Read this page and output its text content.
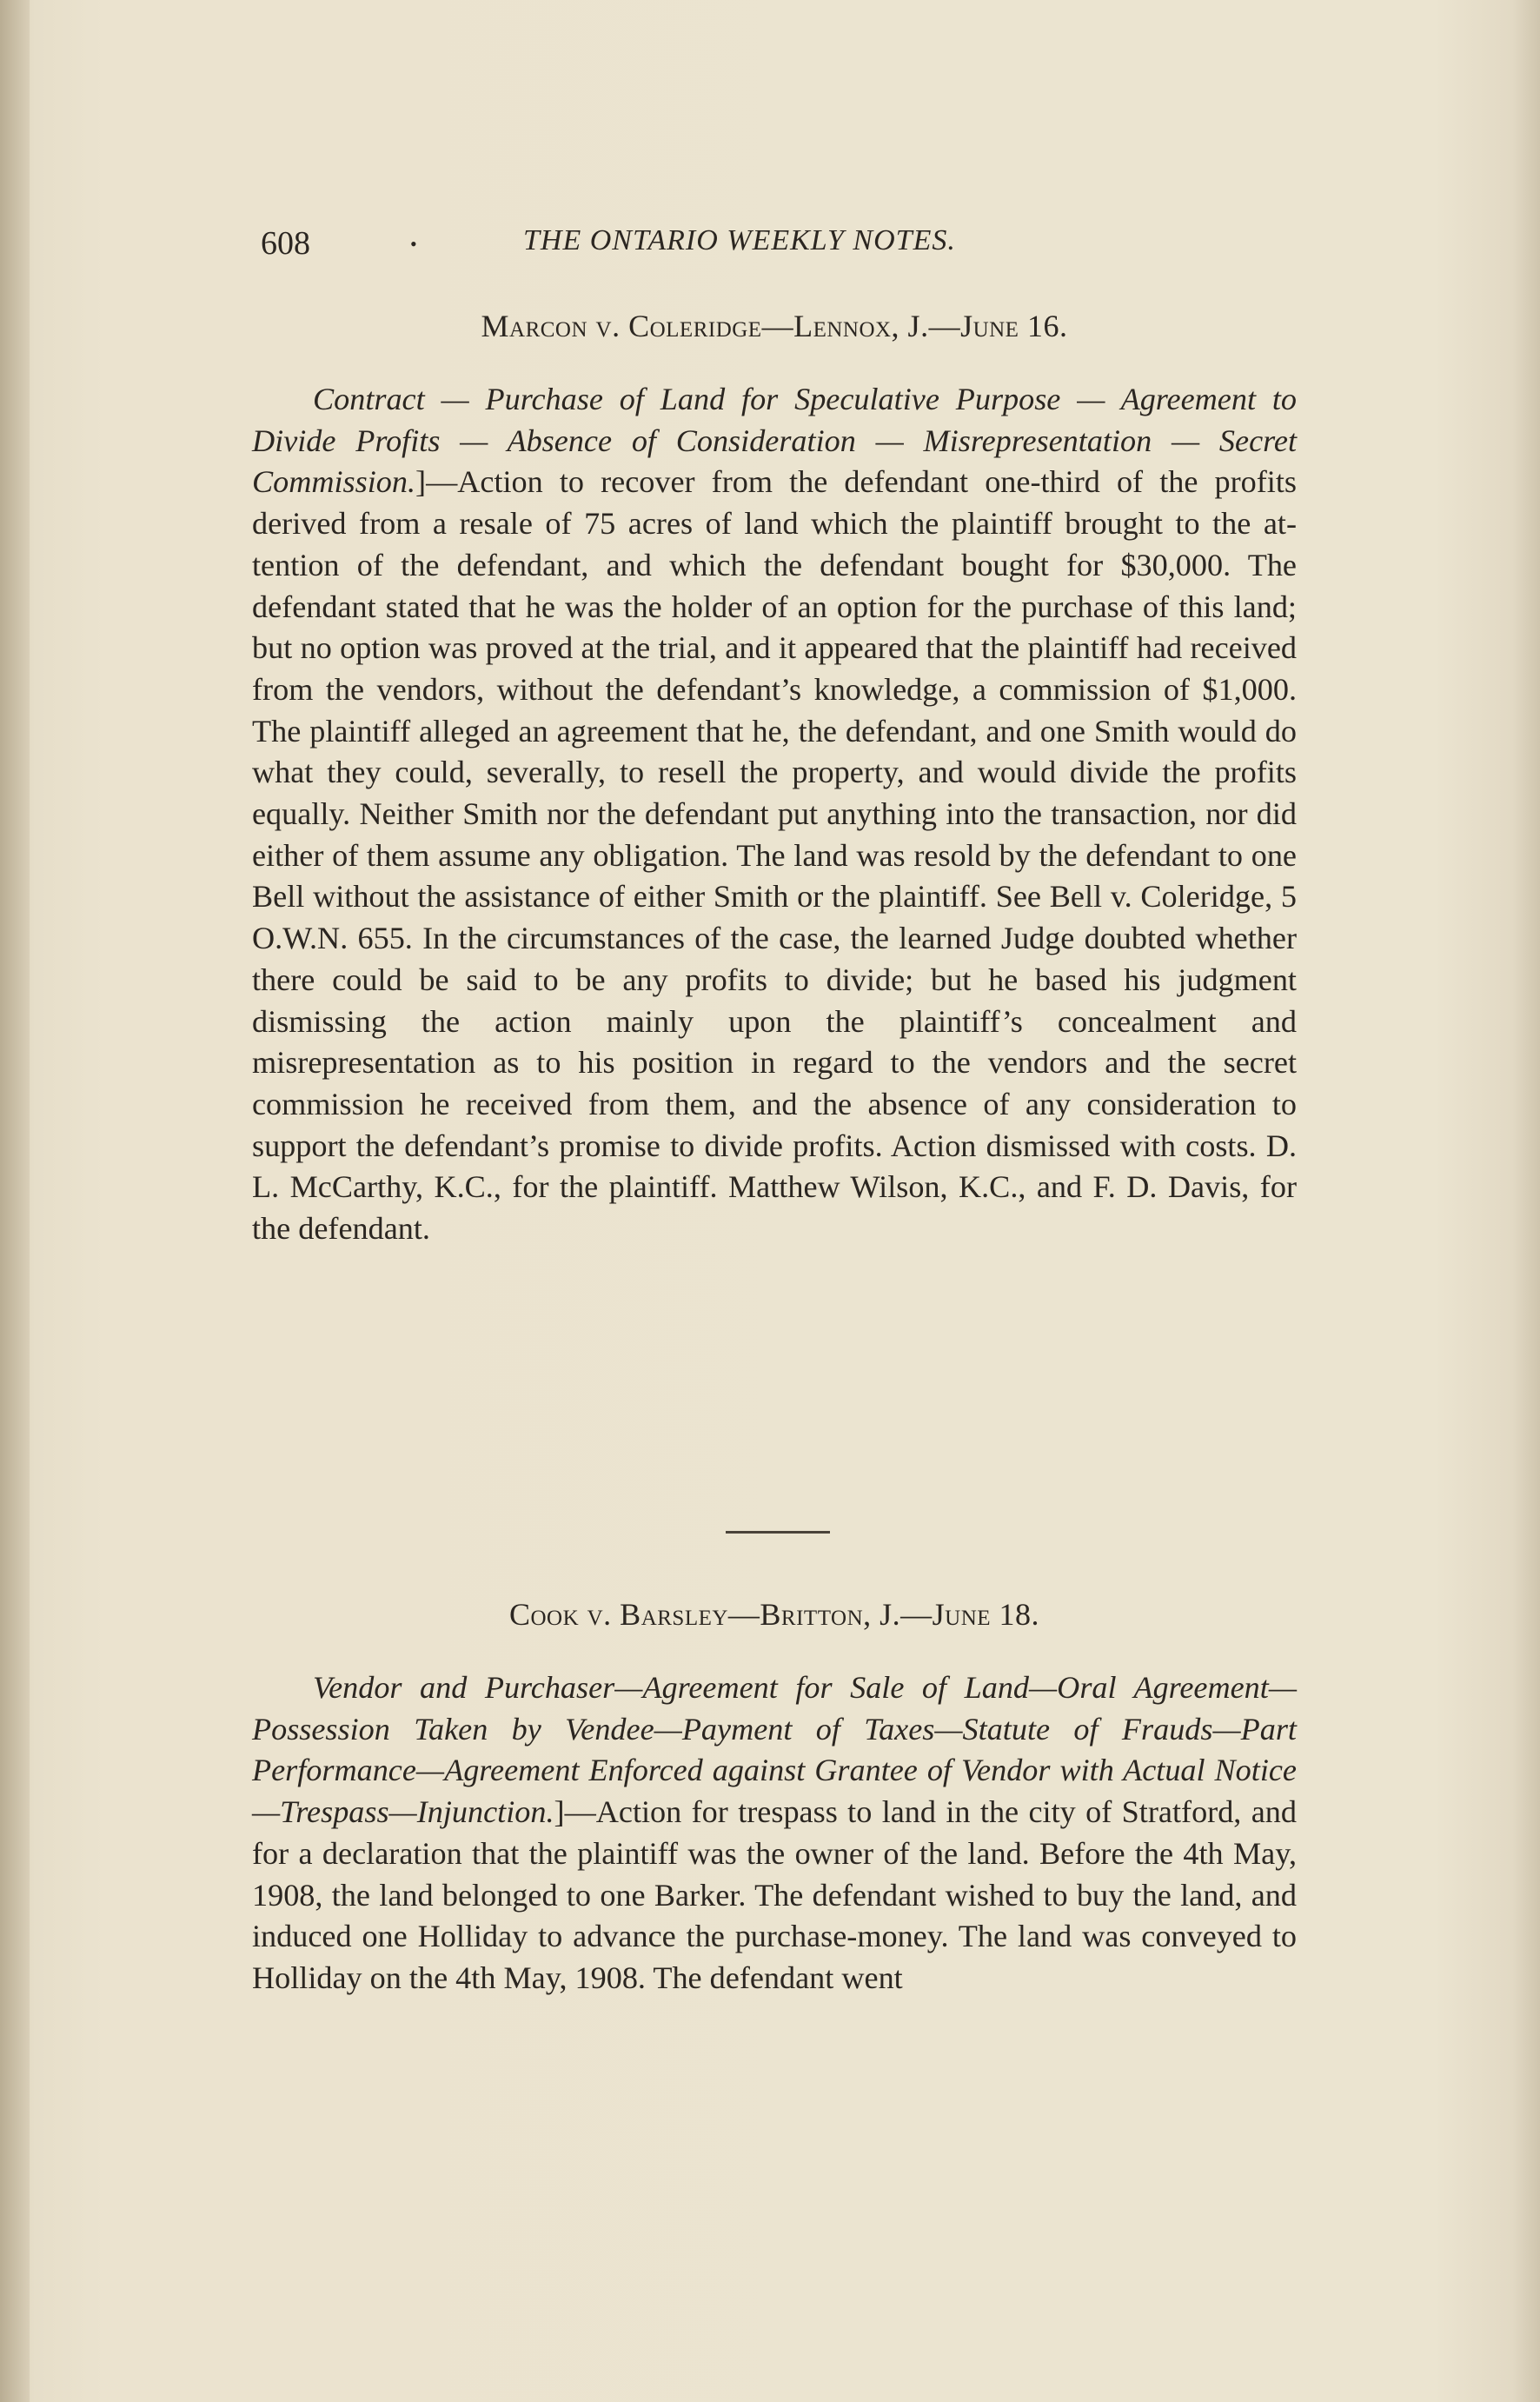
608	•	THE ONTARIO WEEKLY NOTES.

Marcon v. Coleridge—Lennox, J.—June 16.

Contract — Purchase of Land for Speculative Purpose — Agreement to Divide Profits — Absence of Consideration — Misrepresentation — Secret Commission.]—Action to recover from the defendant one-third of the profits derived from a resale of 75 acres of land which the plaintiff brought to the attention of the defendant, and which the defendant bought for $30,000. The defendant stated that he was the holder of an option for the purchase of this land; but no option was proved at the trial, and it appeared that the plaintiff had received from the vendors, without the defendant’s knowledge, a commission of $1,000. The plaintiff alleged an agreement that he, the defendant, and one Smith would do what they could, severally, to resell the property, and would divide the profits equally. Neither Smith nor the defendant put anything into the transaction, nor did either of them assume any obligation. The land was resold by the defendant to one Bell without the assistance of either Smith or the plaintiff. See Bell v. Coleridge, 5 O.W.N. 655. In the circumstances of the case, the learned Judge doubted whether there could be said to be any profits to divide; but he based his judgment dismissing the action mainly upon the plaintiff’s concealment and misrepresentation as to his position in regard to the vendors and the secret commission he received from them, and the absence of any consideration to support the defendant’s promise to divide profits. Action dismissed with costs. D. L. McCarthy, K.C., for the plaintiff. Matthew Wilson, K.C., and F. D. Davis, for the defendant.

Cook v. Barsley—Britton, J.—June 18.

Vendor and Purchaser—Agreement for Sale of Land—Oral Agreement—Possession Taken by Vendee—Payment of Taxes—Statute of Frauds—Part Performance—Agreement Enforced against Grantee of Vendor with Actual Notice—Trespass—Injunction.]—Action for trespass to land in the city of Stratford, and for a declaration that the plaintiff was the owner of the land. Before the 4th May, 1908, the land belonged to one Barker. The defendant wished to buy the land, and induced one Holliday to advance the purchase-money. The land was conveyed to Holliday on the 4th May, 1908. The defendant went
